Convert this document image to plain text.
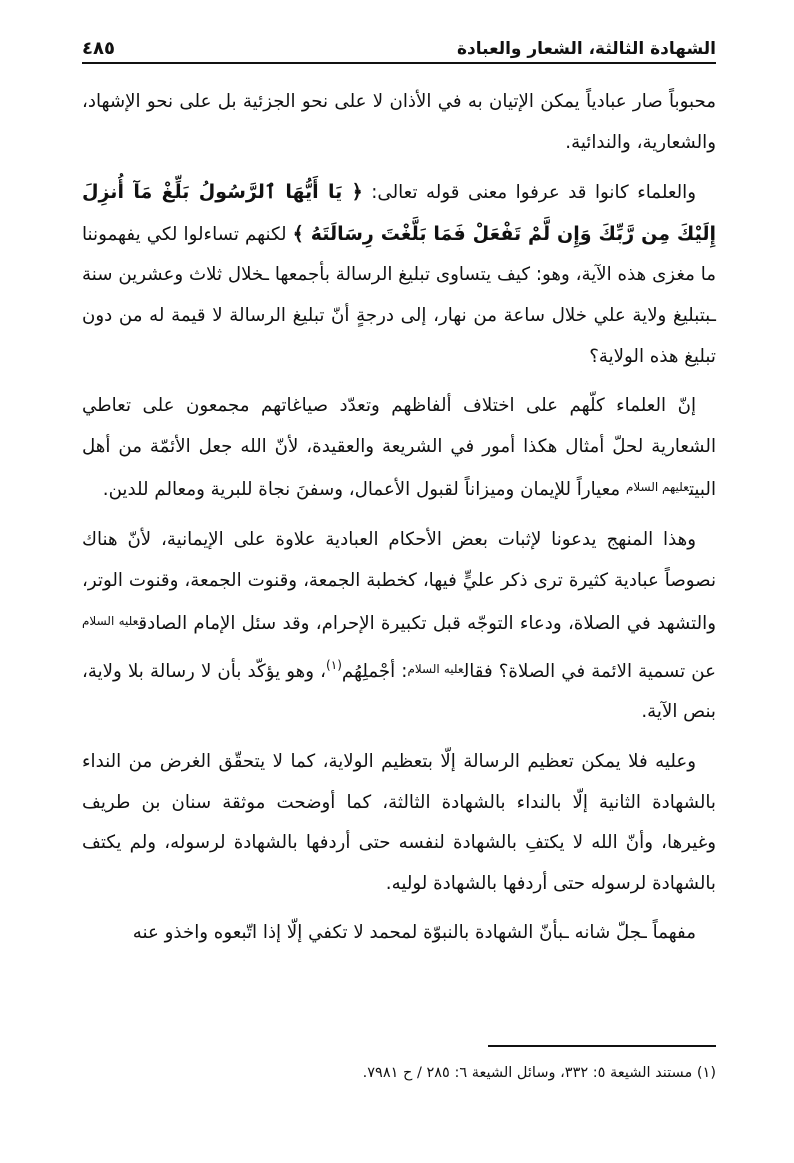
الشهادة الثالثة، الشعار والعبادة
٤٨٥

محبوباً صار عبادياً يمكن الإتيان به في الأذان لا على نحو الجزئية بل على نحو الإشهاد، والشعارية، والندائية.

والعلماء كانوا قد عرفوا معنى قوله تعالى: ﴿ يَا أَيُّهَا ٱلرَّسُولُ بَلِّغْ مَآ أُنزِلَ إِلَيْكَ مِن رَّبِّكَ وَإِن لَّمْ تَفْعَلْ فَمَا بَلَّغْتَ رِسَالَتَهُ ﴾ لكنهم تساءلوا لكي يفهموننا ما مغزى هذه الآية، وهو: كيف يتساوى تبليغ الرسالة بأجمعها ـخلال ثلاث وعشرين سنة ـبتبليغ ولاية علي خلال ساعة من نهار، إلى درجةٍ أنّ تبليغ الرسالة لا قيمة له من دون تبليغ هذه الولاية؟

إنّ العلماء كلّهم على اختلاف ألفاظهم وتعدّد صياغاتهم مجمعون على تعاطي الشعارية لحلّ أمثال هكذا أمور في الشريعة والعقيدة، لأنّ الله جعل الأئمّة من أهل البيت$^{عليهم السلام}$ معياراً للإيمان وميزاناً لقبول الأعمال، وسفنَ نجاة للبرية ومعالم للدين.

وهذا المنهج يدعونا لإثبات بعض الأحكام العبادية علاوة على الإيمانية، لأنّ هناك نصوصاً عبادية كثيرة ترى ذكر عليٍّ فيها، كخطبة الجمعة، وقنوت الجمعة، وقنوت الوتر، والتشهد في الصلاة، ودعاء التوجّه قبل تكبيرة الإحرام، وقد سئل الإمام الصادق$^{عليه السلام}$ عن تسمية الائمة في الصلاة؟ فقال$^{عليه السلام}$: أجْملِهُم$^{(١)}$، وهو يؤكّد بأن لا رسالة بلا ولاية، بنص الآية.

وعليه فلا يمكن تعظيم الرسالة إلّا بتعظيم الولاية، كما لا يتحقّق الغرض من النداء بالشهادة الثانية إلّا بالنداء بالشهادة الثالثة، كما أوضحت موثقة سنان بن طريف وغيرها، وأنّ الله لا يكتفِ بالشهادة لنفسه حتى أردفها بالشهادة لرسوله، ولم يكتف بالشهادة لرسوله حتى أردفها بالشهادة لوليه.

مفهماً ـجلّ شانه ـبأنّ الشهادة بالنبوّة لمحمد لا تكفي إلّا إذا اتّبعوه واخذو عنه

(١) مستند الشيعة ٥: ٣٣٢، وسائل الشيعة ٦: ٢٨٥ / ح ٧٩٨١.
